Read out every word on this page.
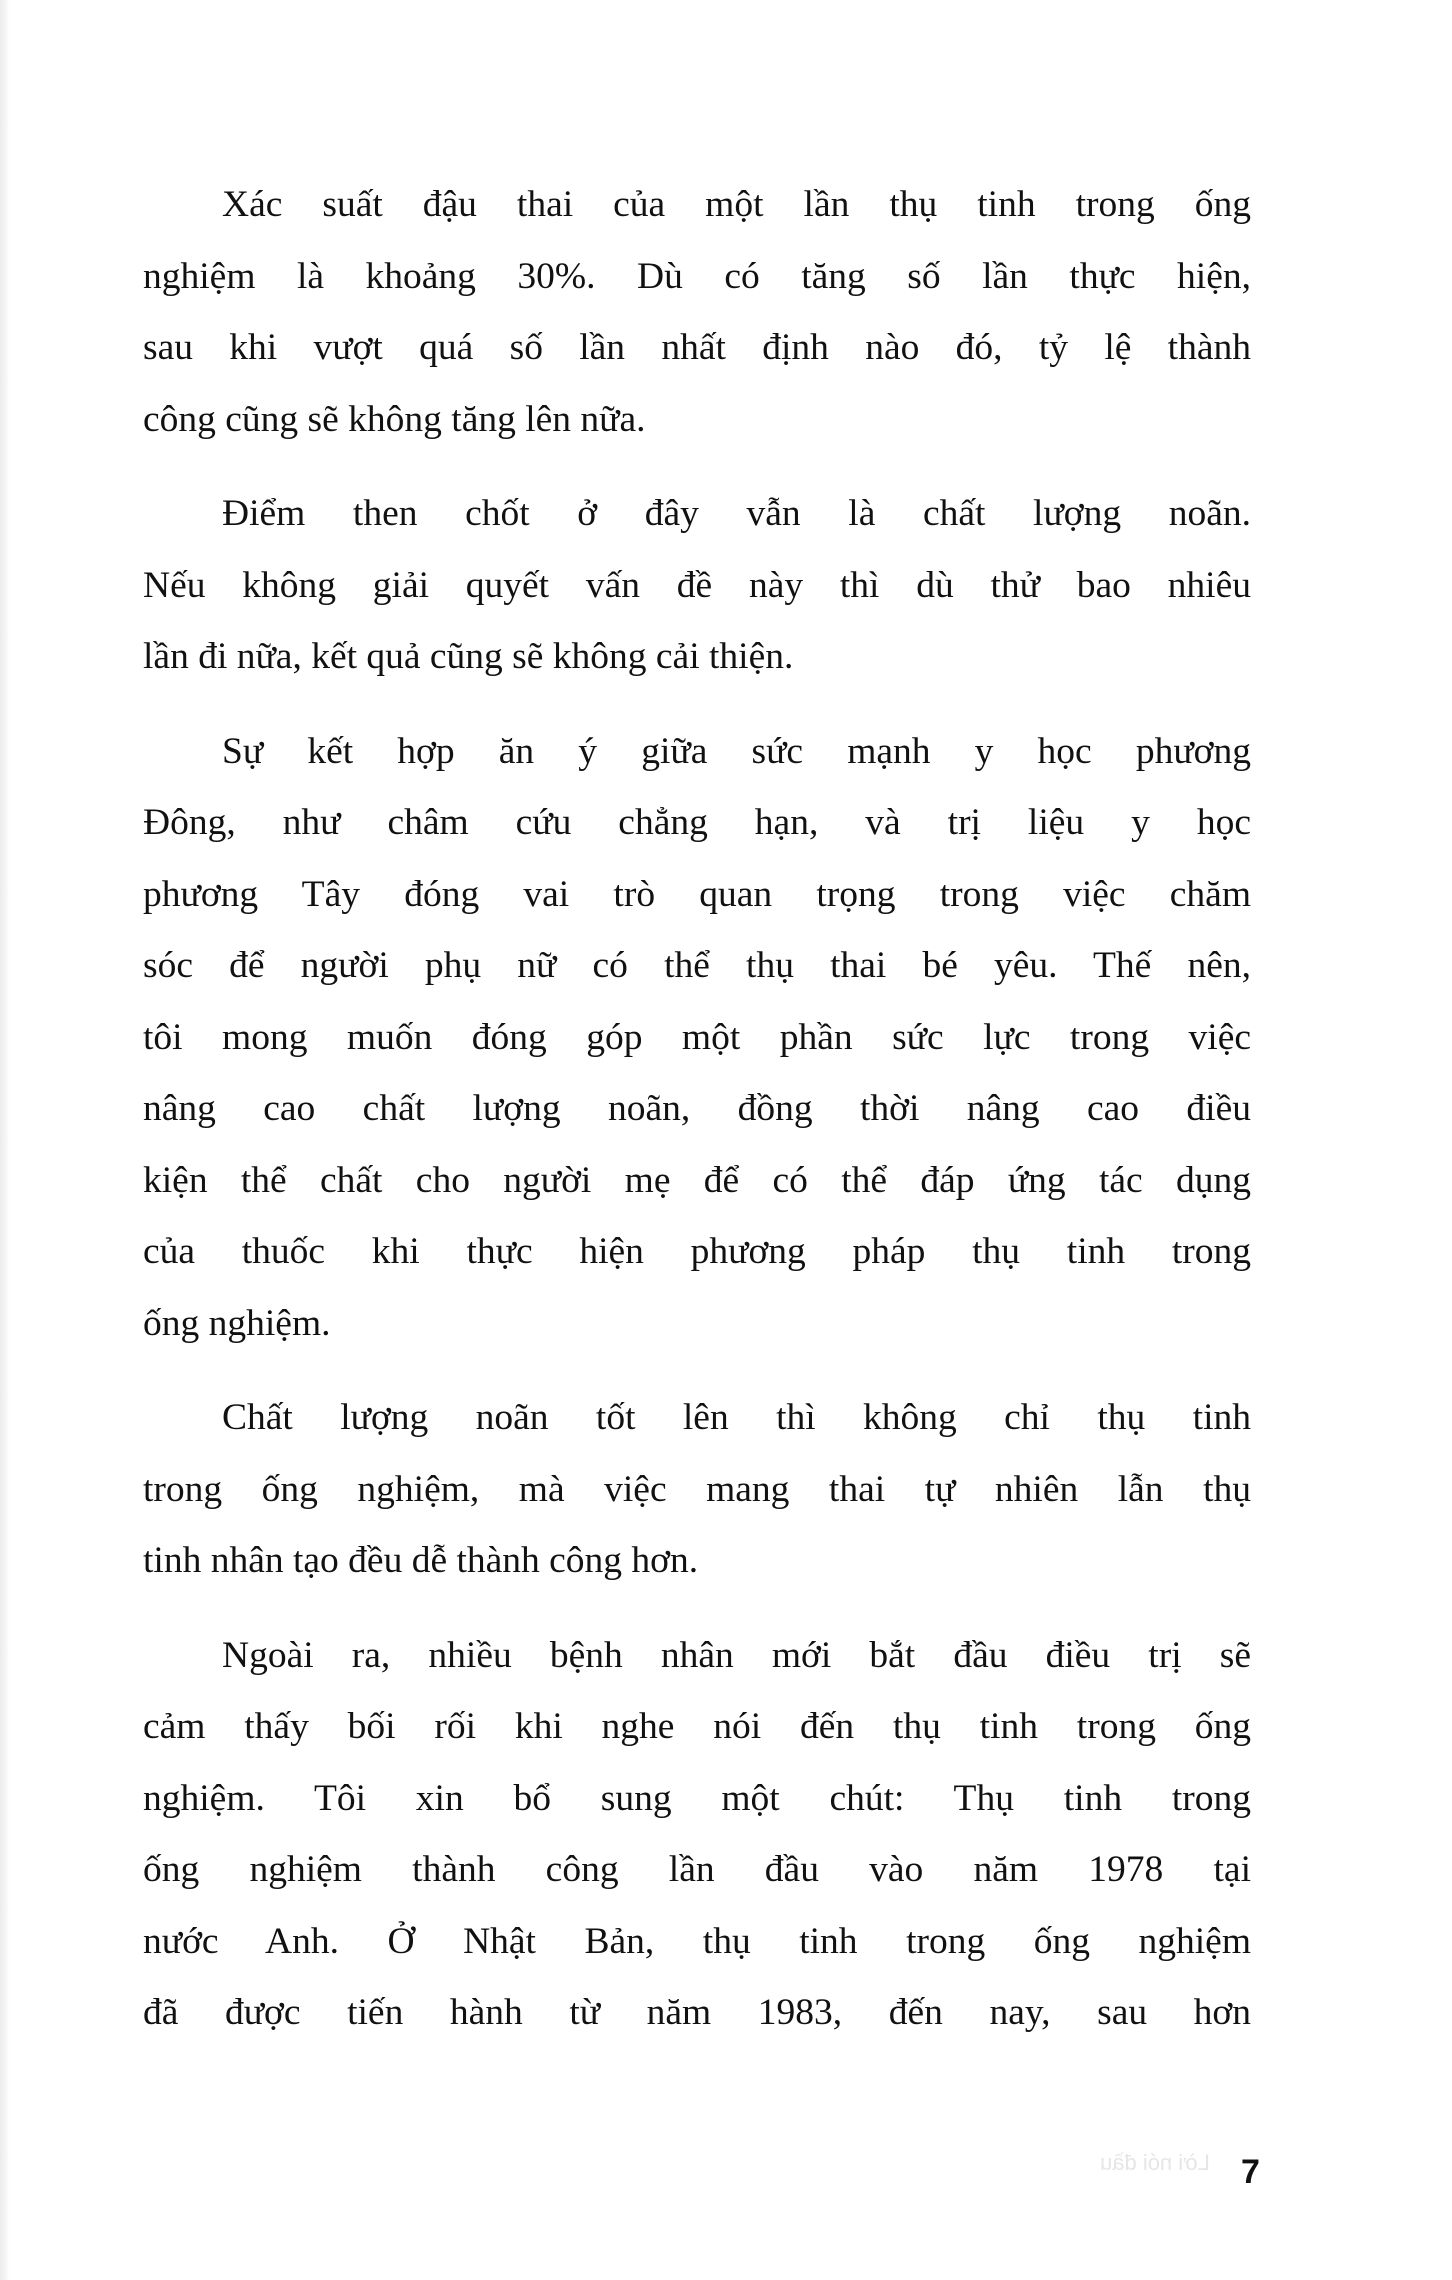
Lời nói đầu
Xác suất đậu thai của một lần thụ tinh trong ống
nghiệm là khoảng 30%. Dù có tăng số lần thực hiện,
sau khi vượt quá số lần nhất định nào đó, tỷ lệ thành
công cũng sẽ không tăng lên nữa.
Điểm then chốt ở đây vẫn là chất lượng noãn.
Nếu không giải quyết vấn đề này thì dù thử bao nhiêu
lần đi nữa, kết quả cũng sẽ không cải thiện.
Sự kết hợp ăn ý giữa sức mạnh y học phương
Đông, như châm cứu chẳng hạn, và trị liệu y học
phương Tây đóng vai trò quan trọng trong việc chăm
sóc để người phụ nữ có thể thụ thai bé yêu. Thế nên,
tôi mong muốn đóng góp một phần sức lực trong việc
nâng cao chất lượng noãn, đồng thời nâng cao điều
kiện thể chất cho người mẹ để có thể đáp ứng tác dụng
của thuốc khi thực hiện phương pháp thụ tinh trong
ống nghiệm.
Chất lượng noãn tốt lên thì không chỉ thụ tinh
trong ống nghiệm, mà việc mang thai tự nhiên lẫn thụ
tinh nhân tạo đều dễ thành công hơn.
Ngoài ra, nhiều bệnh nhân mới bắt đầu điều trị sẽ
cảm thấy bối rối khi nghe nói đến thụ tinh trong ống
nghiệm. Tôi xin bổ sung một chút: Thụ tinh trong
ống nghiệm thành công lần đầu vào năm 1978 tại
nước Anh. Ở Nhật Bản, thụ tinh trong ống nghiệm
đã được tiến hành từ năm 1983, đến nay, sau hơn
7
